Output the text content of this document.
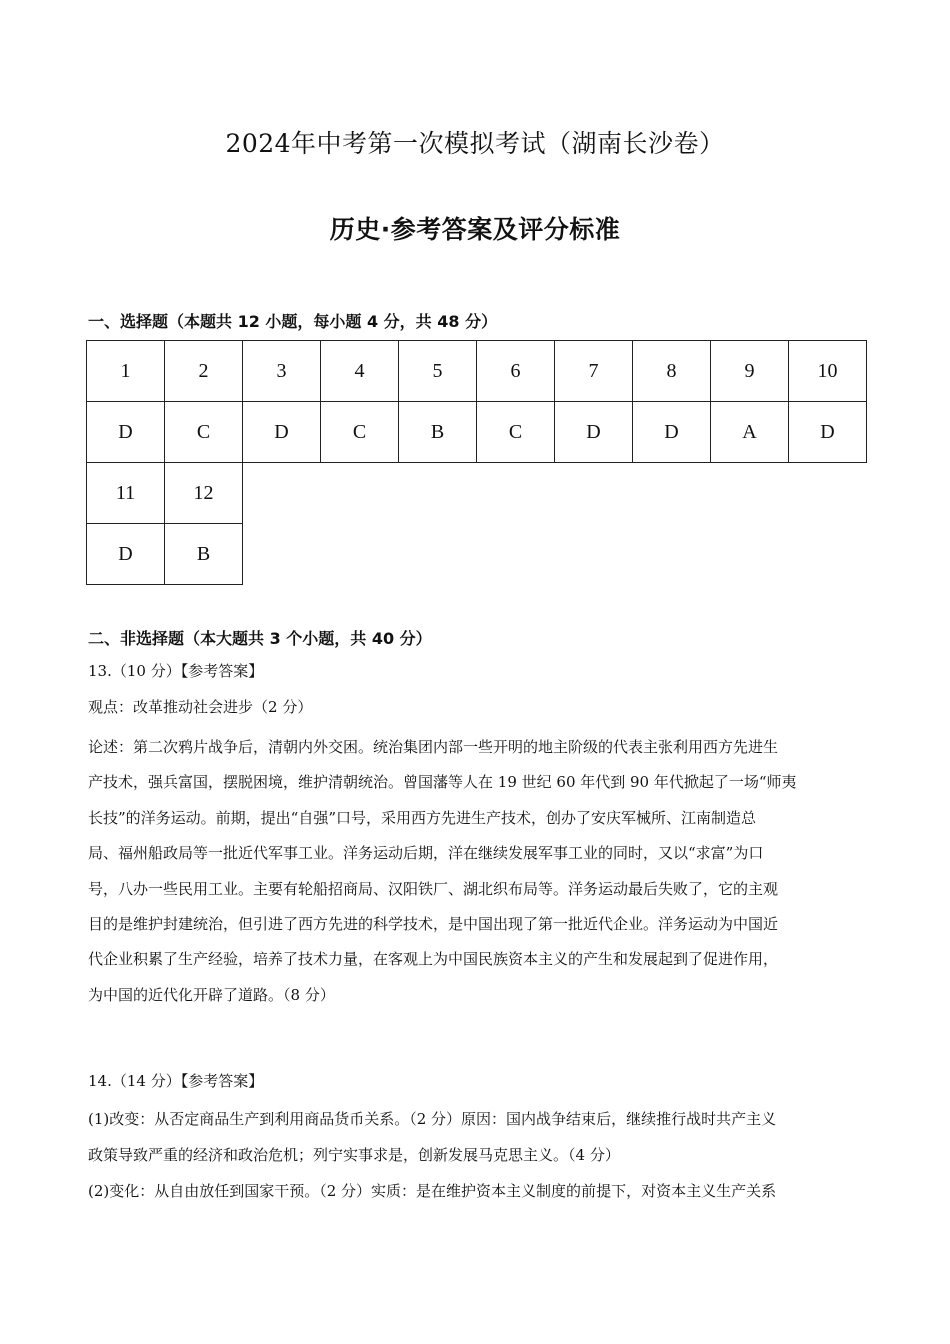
2024年中考第一次模拟考试（湖南长沙卷）
历史·参考答案及评分标准
一、选择题（本题共 12 小题，每小题 4 分，共 48 分）
1	2	3	4	5	6	7	8	9	10
D	C	D	C	B	C	D	D	A	D
11	12								
D	B								
二、非选择题（本大题共 3 个小题，共 40 分）
13.（10 分）【参考答案】
观点：改革推动社会进步（2 分）
论述：第二次鸦片战争后，清朝内外交困。统治集团内部一些开明的地主阶级的代表主张利用西方先进生
产技术，强兵富国，摆脱困境，维护清朝统治。曾国藩等人在 19 世纪 60 年代到 90 年代掀起了一场“师夷
长技”的洋务运动。前期，提出“自强”口号，采用西方先进生产技术，创办了安庆军械所、江南制造总
局、福州船政局等一批近代军事工业。洋务运动后期，洋在继续发展军事工业的同时，又以“求富”为口
号，八办一些民用工业。主要有轮船招商局、汉阳铁厂、湖北织布局等。洋务运动最后失败了，它的主观
目的是维护封建统治，但引进了西方先进的科学技术，是中国出现了第一批近代企业。洋务运动为中国近
代企业积累了生产经验，培养了技术力量，在客观上为中国民族资本主义的产生和发展起到了促进作用，
为中国的近代化开辟了道路。（8 分）
14.（14 分）【参考答案】
(1)改变：从否定商品生产到利用商品货币关系。（2 分）原因：国内战争结束后，继续推行战时共产主义
政策导致严重的经济和政治危机；列宁实事求是，创新发展马克思主义。（4 分）
(2)变化：从自由放任到国家干预。（2 分）实质：是在维护资本主义制度的前提下，对资本主义生产关系
